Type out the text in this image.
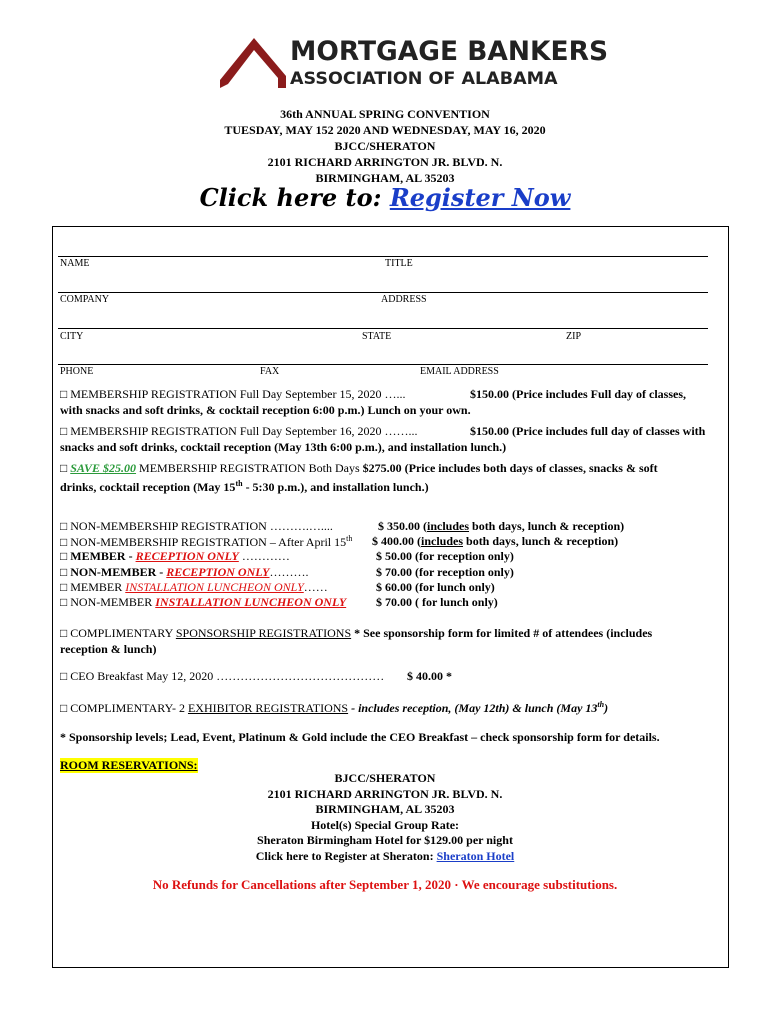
MORTGAGE BANKERS
ASSOCIATION OF ALABAMA
36th ANNUAL SPRING CONVENTION
TUESDAY, MAY 152 2020 AND WEDNESDAY, MAY 16, 2020
BJCC/SHERATON
2101 RICHARD ARRINGTON JR. BLVD. N.
BIRMINGHAM, AL 35203
Click here to: Register Now
NAME	TITLE
COMPANY	ADDRESS
CITY	STATE	ZIP
PHONE	FAX	EMAIL ADDRESS
□ MEMBERSHIP REGISTRATION Full Day September 15, 2020 …...	$150.00 (Price includes Full day of classes,
with snacks and soft drinks, & cocktail reception 6:00 p.m.) Lunch on your own.
□ MEMBERSHIP REGISTRATION Full Day September 16, 2020 ……...	$150.00 (Price includes full day of classes with
snacks and soft drinks, cocktail reception (May 13th 6:00 p.m.), and installation lunch.)
□ SAVE $25.00 MEMBERSHIP REGISTRATION Both Days $275.00 (Price includes both days of classes, snacks & soft
drinks, cocktail reception (May 15th - 5:30 p.m.), and installation lunch.)
□ NON-MEMBERSHIP REGISTRATION ……….…....	$ 350.00 (includes both days, lunch & reception)
□ NON-MEMBERSHIP REGISTRATION – After April 15th $ 400.00 (includes both days, lunch & reception)
□ MEMBER - RECEPTION ONLY …………	$ 50.00 (for reception only)
□ NON-MEMBER - RECEPTION ONLY……….	$ 70.00 (for reception only)
□ MEMBER INSTALLATION LUNCHEON ONLY……	$ 60.00 (for lunch only)
□ NON-MEMBER INSTALLATION LUNCHEON ONLY $ 70.00 ( for lunch only)
□ COMPLIMENTARY SPONSORSHIP REGISTRATIONS * See sponsorship form for limited # of attendees (includes
reception & lunch)
□ CEO Breakfast May 12, 2020 …………………………………… $ 40.00 *
□ COMPLIMENTARY- 2 EXHIBITOR REGISTRATIONS - includes reception, (May 12th) & lunch (May 13th)
* Sponsorship levels; Lead, Event, Platinum & Gold include the CEO Breakfast – check sponsorship form for details.
ROOM RESERVATIONS:
BJCC/SHERATON
2101 RICHARD ARRINGTON JR. BLVD. N.
BIRMINGHAM, AL 35203
Hotel(s) Special Group Rate:
Sheraton Birmingham Hotel for $129.00 per night
Click here to Register at Sheraton: Sheraton Hotel
No Refunds for Cancellations after September 1, 2020 · We encourage substitutions.
